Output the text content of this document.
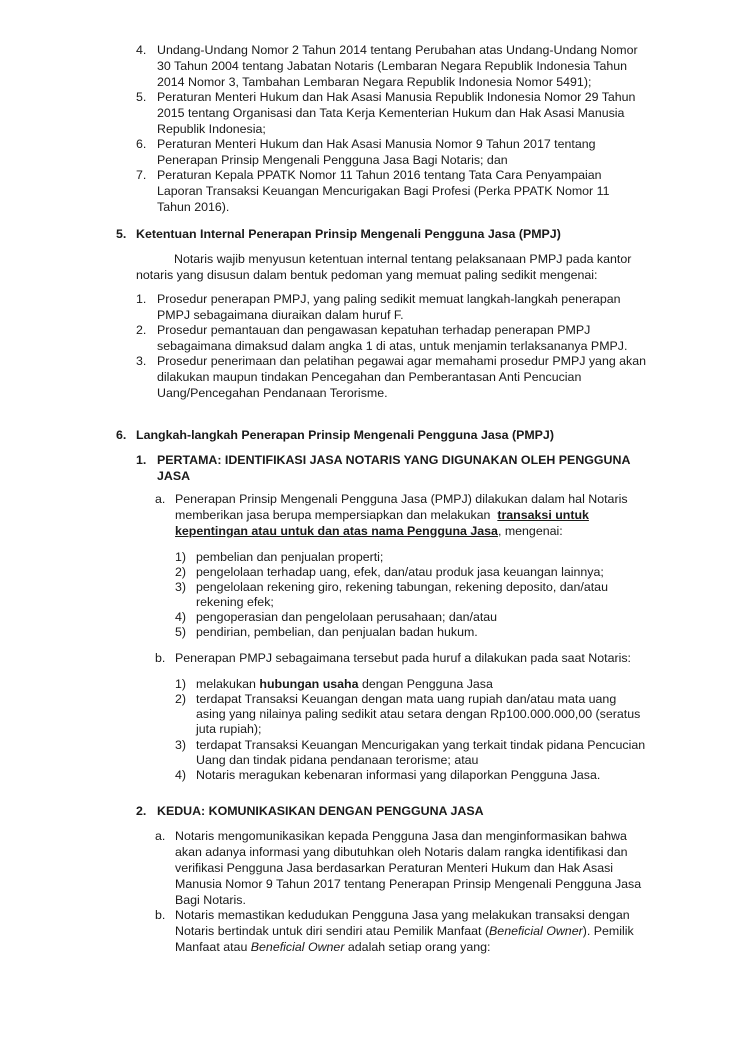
4. Undang-Undang Nomor 2 Tahun 2014 tentang Perubahan atas Undang-Undang Nomor
30 Tahun 2004 tentang Jabatan Notaris (Lembaran Negara Republik Indonesia Tahun
2014 Nomor 3, Tambahan Lembaran Negara Republik Indonesia Nomor 5491);
5. Peraturan Menteri Hukum dan Hak Asasi Manusia Republik Indonesia Nomor 29 Tahun
2015 tentang Organisasi dan Tata Kerja Kementerian Hukum dan Hak Asasi Manusia
Republik Indonesia;
6. Peraturan Menteri Hukum dan Hak Asasi Manusia Nomor 9 Tahun 2017 tentang
Penerapan Prinsip Mengenali Pengguna Jasa Bagi Notaris; dan
7. Peraturan Kepala PPATK Nomor 11 Tahun 2016 tentang Tata Cara Penyampaian
Laporan Transaksi Keuangan Mencurigakan Bagi Profesi (Perka PPATK Nomor 11
Tahun 2016).
5. Ketentuan Internal Penerapan Prinsip Mengenali Pengguna Jasa (PMPJ)
Notaris wajib menyusun ketentuan internal tentang pelaksanaan PMPJ pada kantor
notaris yang disusun dalam bentuk pedoman yang memuat paling sedikit mengenai:
1. Prosedur penerapan PMPJ, yang paling sedikit memuat langkah-langkah penerapan
PMPJ sebagaimana diuraikan dalam huruf F.
2. Prosedur pemantauan dan pengawasan kepatuhan terhadap penerapan PMPJ
sebagaimana dimaksud dalam angka 1 di atas, untuk menjamin terlaksananya PMPJ.
3. Prosedur penerimaan dan pelatihan pegawai agar memahami prosedur PMPJ yang akan
dilakukan maupun tindakan Pencegahan dan Pemberantasan Anti Pencucian
Uang/Pencegahan Pendanaan Terorisme.
6. Langkah-langkah Penerapan Prinsip Mengenali Pengguna Jasa (PMPJ)
1. PERTAMA: IDENTIFIKASI JASA NOTARIS YANG DIGUNAKAN OLEH PENGGUNA
JASA
a. Penerapan Prinsip Mengenali Pengguna Jasa (PMPJ) dilakukan dalam hal Notaris
memberikan jasa berupa mempersiapkan dan melakukan transaksi untuk
kepentingan atau untuk dan atas nama Pengguna Jasa, mengenai:
1) pembelian dan penjualan properti;
2) pengelolaan terhadap uang, efek, dan/atau produk jasa keuangan lainnya;
3) pengelolaan rekening giro, rekening tabungan, rekening deposito, dan/atau
rekening efek;
4) pengoperasian dan pengelolaan perusahaan; dan/atau
5) pendirian, pembelian, dan penjualan badan hukum.
b. Penerapan PMPJ sebagaimana tersebut pada huruf a dilakukan pada saat Notaris:
1) melakukan hubungan usaha dengan Pengguna Jasa
2) terdapat Transaksi Keuangan dengan mata uang rupiah dan/atau mata uang
asing yang nilainya paling sedikit atau setara dengan Rp100.000.000,00 (seratus
juta rupiah);
3) terdapat Transaksi Keuangan Mencurigakan yang terkait tindak pidana Pencucian
Uang dan tindak pidana pendanaan terorisme; atau
4) Notaris meragukan kebenaran informasi yang dilaporkan Pengguna Jasa.
2. KEDUA: KOMUNIKASIKAN DENGAN PENGGUNA JASA
a. Notaris mengomunikasikan kepada Pengguna Jasa dan menginformasikan bahwa
akan adanya informasi yang dibutuhkan oleh Notaris dalam rangka identifikasi dan
verifikasi Pengguna Jasa berdasarkan Peraturan Menteri Hukum dan Hak Asasi
Manusia Nomor 9 Tahun 2017 tentang Penerapan Prinsip Mengenali Pengguna Jasa
Bagi Notaris.
b. Notaris memastikan kedudukan Pengguna Jasa yang melakukan transaksi dengan
Notaris bertindak untuk diri sendiri atau Pemilik Manfaat (Beneficial Owner). Pemilik
Manfaat atau Beneficial Owner adalah setiap orang yang:
